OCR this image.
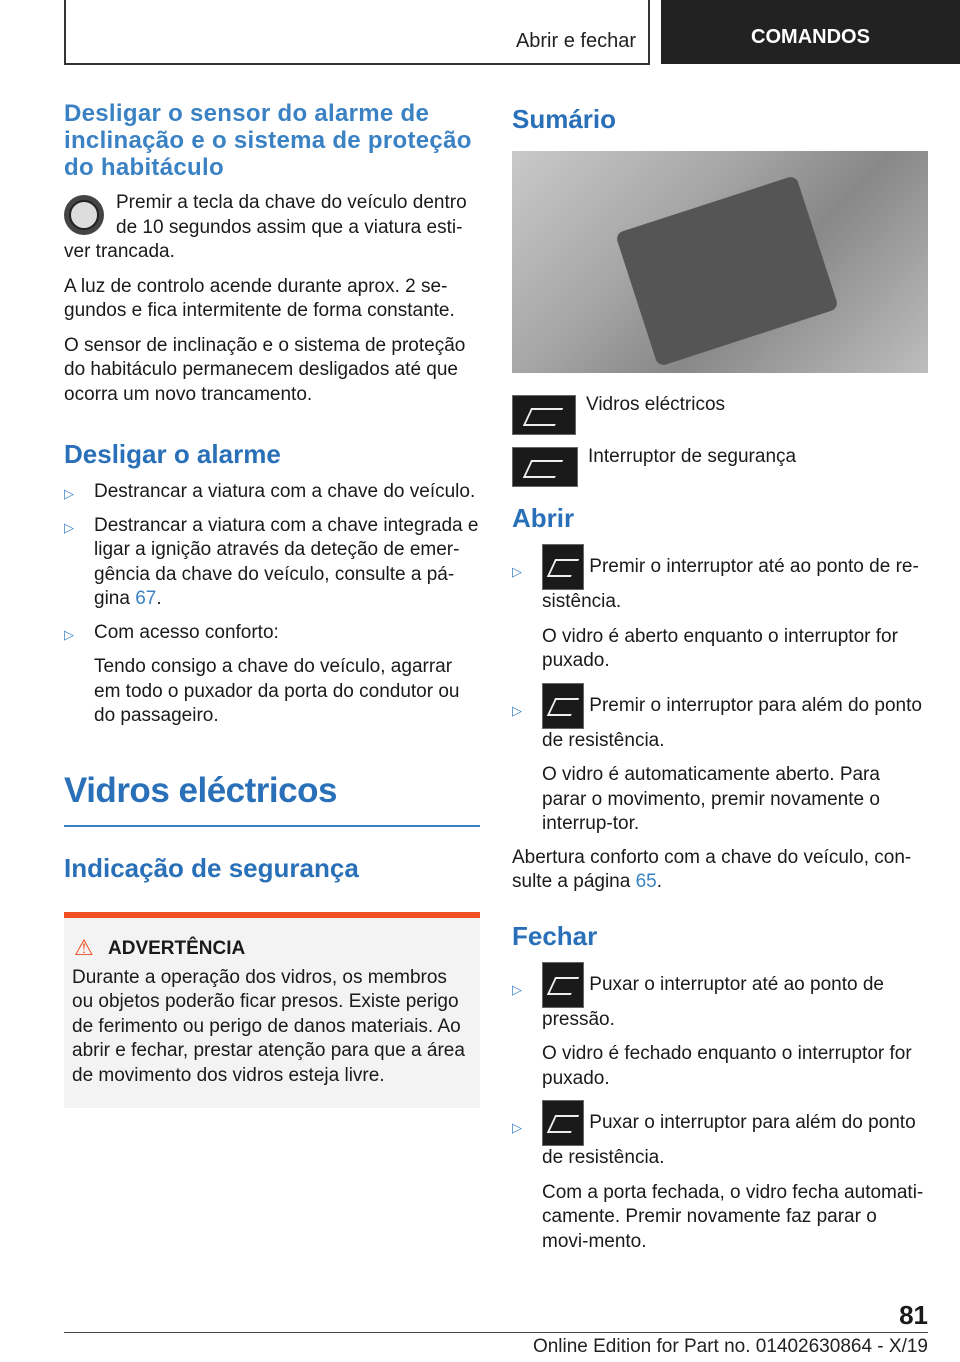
Abrir e fechar	COMANDOS
Desligar o sensor do alarme de inclinação e o sistema de proteção do habitáculo

Premir a tecla da chave do veículo dentro de 10 segundos assim que a viatura esti‐ver trancada.

A luz de controlo acende durante aprox. 2 se‐gundos e fica intermitente de forma constante.

O sensor de inclinação e o sistema de proteção do habitáculo permanecem desligados até que ocorra um novo trancamento.

Desligar o alarme
▷ Destrancar a viatura com a chave do veículo.
▷ Destrancar a viatura com a chave integrada e ligar a ignição através da deteção de emer‐gência da chave do veículo, consulte a pá‐gina 67.
▷ Com acesso conforto:

Tendo consigo a chave do veículo, agarrar em todo o puxador da porta do condutor ou do passageiro.

Vidros eléctricos
Indicação de segurança
⚠ ADVERTÊNCIA

Durante a operação dos vidros, os membros ou objetos poderão ficar presos. Existe perigo de ferimento ou perigo de danos materiais. Ao abrir e fechar, prestar atenção para que a área de movimento dos vidros esteja livre.

Sumário
Vidros eléctricos
Interruptor de segurança
Abrir
▷	Premir o interruptor até ao ponto de re‐sistência.

O vidro é aberto enquanto o interruptor for puxado.

▷	Premir o interruptor para além do ponto de resistência.

O vidro é automaticamente aberto. Para parar o movimento, premir novamente o interrup‐tor.

Abertura conforto com a chave do veículo, con‐sulte a página 65.

Fechar
▷	Puxar o interruptor até ao ponto de pressão.

O vidro é fechado enquanto o interruptor for puxado.

▷	Puxar o interruptor para além do ponto de resistência.

Com a porta fechada, o vidro fecha automati‐camente. Premir novamente faz parar o movi‐mento.

81
Online Edition for Part no. 01402630864 - X/19
